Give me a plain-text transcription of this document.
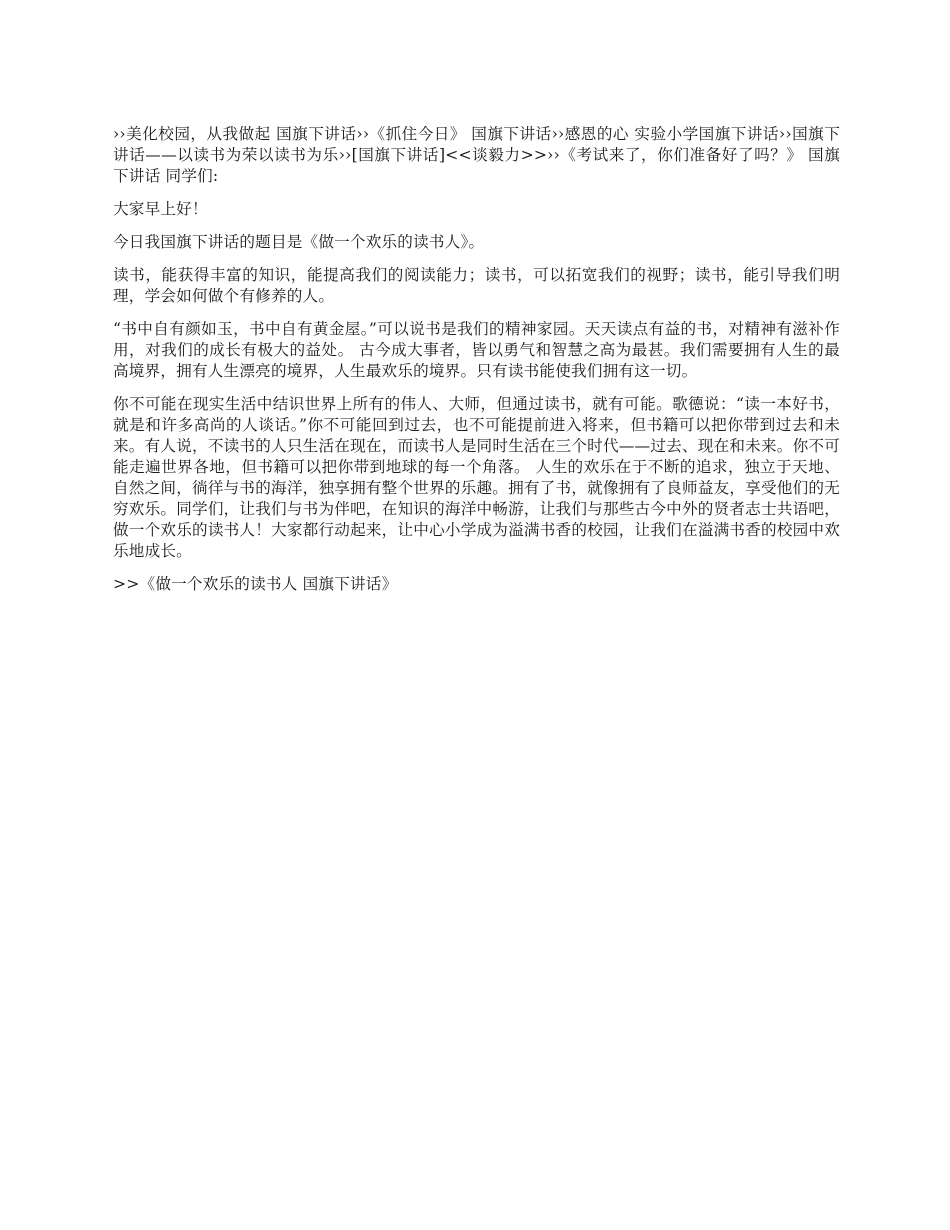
››美化校园，从我做起 国旗下讲话››《抓住今日》 国旗下讲话››感恩的心 实验小学国旗下讲话››国旗下讲话——以读书为荣以读书为乐››[国旗下讲话]<<谈毅力>>››《考试来了，你们准备好了吗？》 国旗下讲话 同学们:

大家早上好！

今日我国旗下讲话的题目是《做一个欢乐的读书人》。

读书，能获得丰富的知识，能提高我们的阅读能力；读书，可以拓宽我们的视野；读书，能引导我们明理，学会如何做个有修养的人。

“书中自有颜如玉，书中自有黄金屋。”可以说书是我们的精神家园。天天读点有益的书，对精神有滋补作用，对我们的成长有极大的益处。 古今成大事者，皆以勇气和智慧之高为最甚。我们需要拥有人生的最高境界，拥有人生漂亮的境界，人生最欢乐的境界。只有读书能使我们拥有这一切。

你不可能在现实生活中结识世界上所有的伟人、大师，但通过读书，就有可能。歌德说：“读一本好书，就是和许多高尚的人谈话。”你不可能回到过去，也不可能提前进入将来，但书籍可以把你带到过去和未来。有人说，不读书的人只生活在现在，而读书人是同时生活在三个时代——过去、现在和未来。你不可能走遍世界各地，但书籍可以把你带到地球的每一个角落。 人生的欢乐在于不断的追求，独立于天地、自然之间，徜徉与书的海洋，独享拥有整个世界的乐趣。拥有了书，就像拥有了良师益友，享受他们的无穷欢乐。同学们，让我们与书为伴吧，在知识的海洋中畅游，让我们与那些古今中外的贤者志士共语吧，做一个欢乐的读书人！大家都行动起来，让中心小学成为溢满书香的校园，让我们在溢满书香的校园中欢乐地成长。

>>《做一个欢乐的读书人 国旗下讲话》
